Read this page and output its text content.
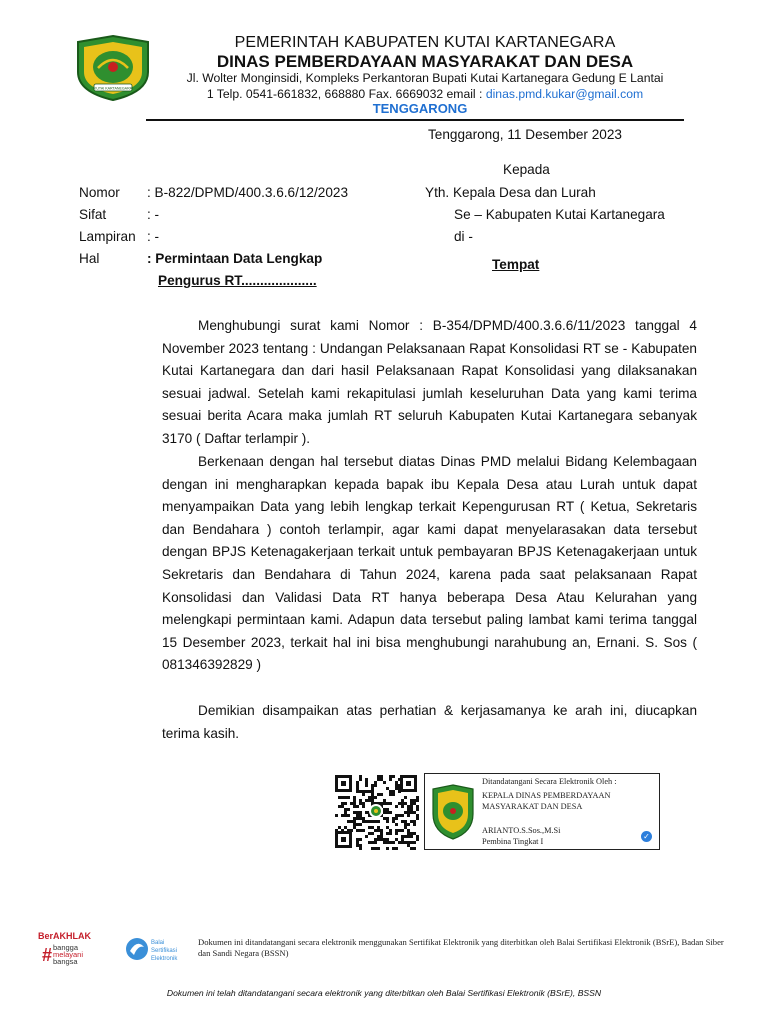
KUTAI KARTANEGARA
PEMERINTAH KABUPATEN KUTAI KARTANEGARA
DINAS PEMBERDAYAAN MASYARAKAT DAN DESA
Jl. Wolter Monginsidi, Kompleks Perkantoran Bupati Kutai Kartanegara Gedung E Lantai
1 Telp. 0541-661832, 668880 Fax. 6669032 email : dinas.pmd.kukar@gmail.com
TENGGARONG
Tenggarong, 11 Desember 2023
Kepada
Yth. Kepala Desa dan Lurah
Se – Kabupaten Kutai Kartanegara
di -
Tempat
Nomor : B-822/DPMD/400.3.6.6/12/2023
Sifat	: -
Lampiran : -
Hal	: Permintaan Data Lengkap
Pengurus RT....................
Menghubungi surat kami Nomor : B-354/DPMD/400.3.6.6/11/2023 tanggal 4 November 2023 tentang : Undangan Pelaksanaan Rapat Konsolidasi RT se - Kabupaten Kutai Kartanegara dan dari hasil Pelaksanaan Rapat Konsolidasi yang dilaksanakan sesuai jadwal. Setelah kami rekapitulasi jumlah keseluruhan Data yang kami terima sesuai berita Acara maka jumlah RT seluruh Kabupaten Kutai Kartanegara sebanyak 3170 ( Daftar terlampir ).
Berkenaan dengan hal tersebut diatas Dinas PMD melalui Bidang Kelembagaan dengan ini mengharapkan kepada bapak ibu Kepala Desa atau Lurah untuk dapat menyampaikan Data yang lebih lengkap terkait Kepengurusan RT ( Ketua, Sekretaris dan Bendahara ) contoh terlampir, agar kami dapat menyelarasakan data tersebut dengan BPJS Ketenagakerjaan terkait untuk pembayaran BPJS Ketenagakerjaan untuk Sekretaris dan Bendahara di Tahun 2024, karena pada saat pelaksanaan Rapat Konsolidasi dan Validasi Data RT hanya beberapa Desa Atau Kelurahan yang melengkapi permintaan kami. Adapun data tersebut paling lambat kami terima tanggal 15 Desember 2023, terkait hal ini bisa menghubungi narahubung an, Ernani. S. Sos ( 081346392829 )
Demikian disampaikan atas perhatian & kerjasamanya ke arah ini, diucapkan terima kasih.
Ditandatangani Secara Elektronik Oleh :
KEPALA DINAS PEMBERDAYAAN
MASYARAKAT DAN DESA
ARIANTO.S.Sos.,M.Si
Pembina Tingkat I
✓
BerAKHLAK
# bangga
melayani
bangsa
Balai
Sertifikasi
Elektronik
Dokumen ini ditandatangani secara elektronik menggunakan Sertifikat Elektronik yang diterbitkan oleh Balai Sertifikasi Elektronik (BSrE), Badan Siber dan Sandi Negara (BSSN)
Dokumen ini telah ditandatangani secara elektronik yang diterbitkan oleh Balai Sertifikasi Elektronik (BSrE), BSSN
